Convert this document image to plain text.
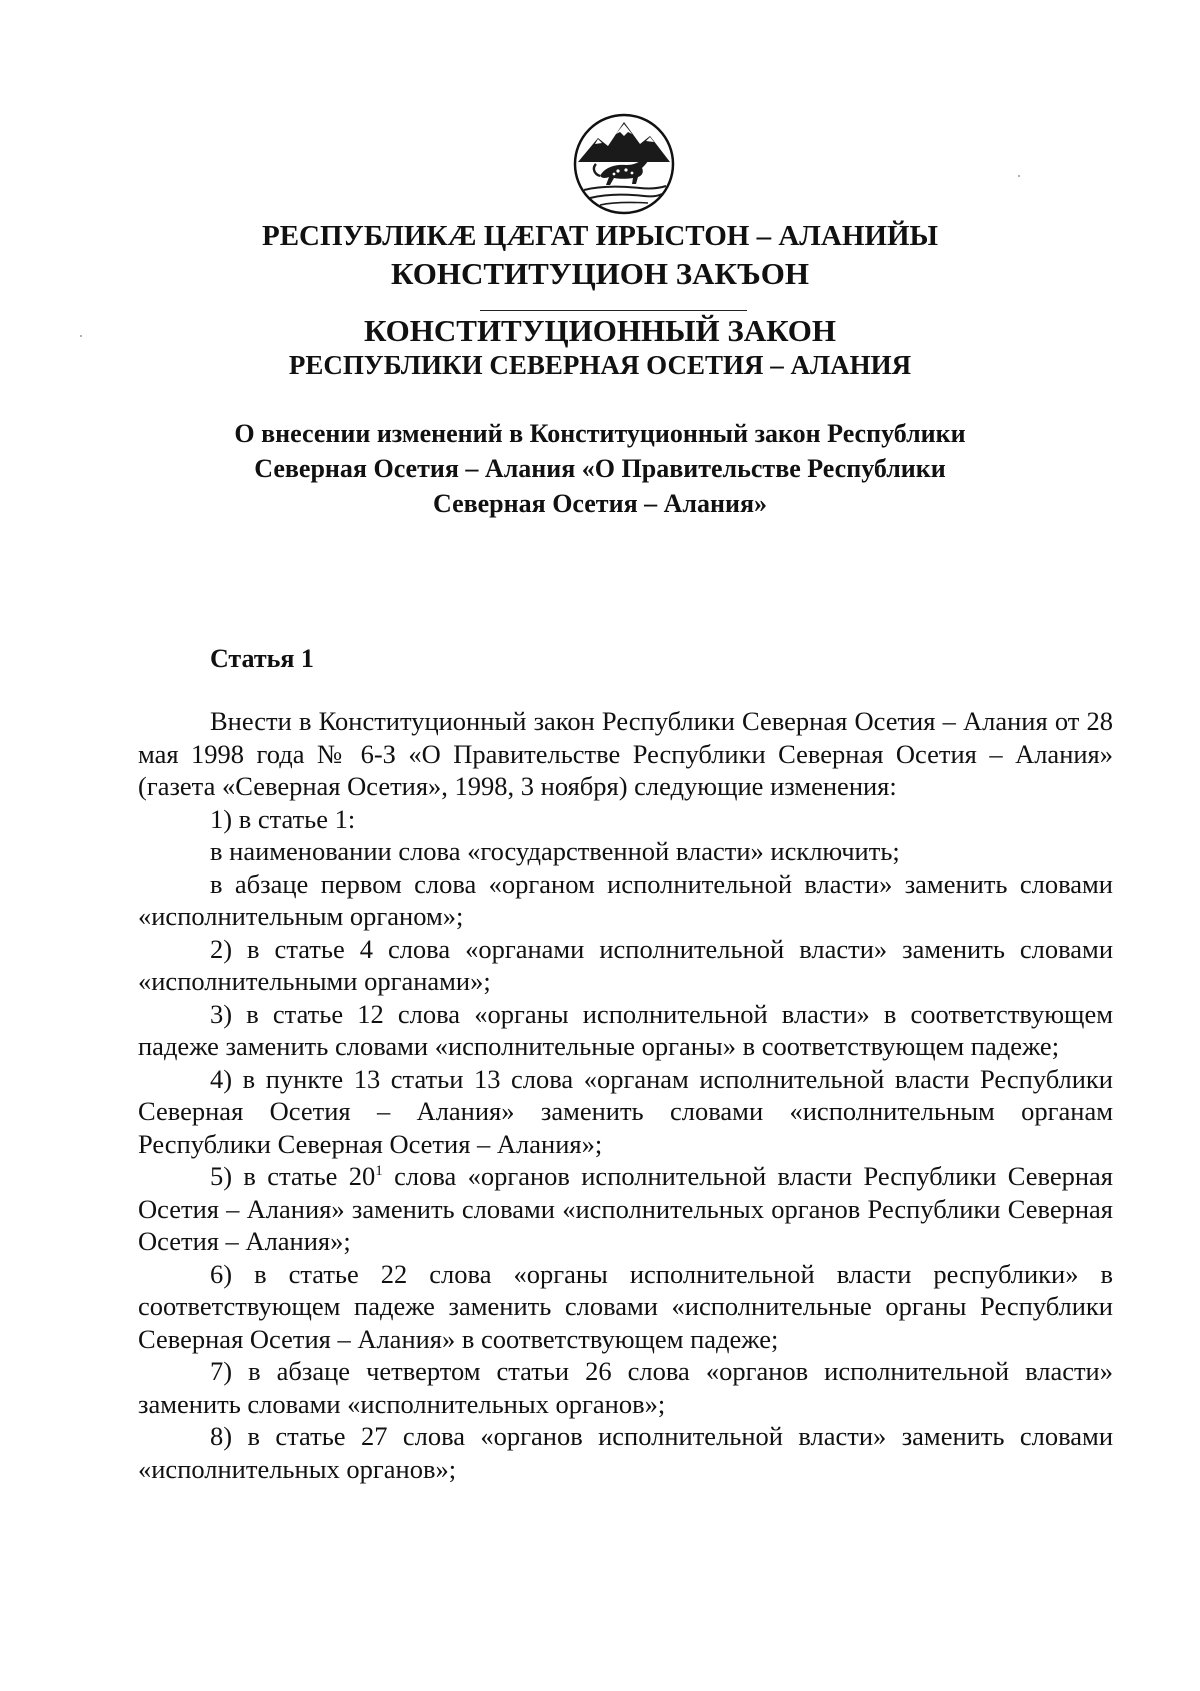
РЕСПУБЛИКÆ ЦÆГАТ ИРЫСТОН – АЛАНИЙЫ
КОНСТИТУЦИОН ЗАКЪОН
КОНСТИТУЦИОННЫЙ ЗАКОН
РЕСПУБЛИКИ СЕВЕРНАЯ ОСЕТИЯ – АЛАНИЯ
О внесении изменений в Конституционный закон Республики
Северная Осетия – Алания «О Правительстве Республики
Северная Осетия – Алания»
Статья 1

Внести в Конституционный закон Республики Северная Осетия – Алания от 28 мая 1998 года № 6-З «О Правительстве Республики Северная Осетия – Алания» (газета «Северная Осетия», 1998, 3 ноября) следующие изменения:

1) в статье 1:

в наименовании слова «государственной власти» исключить;

в абзаце первом слова «органом исполнительной власти» заменить словами «исполнительным органом»;

2) в статье 4 слова «органами исполнительной власти» заменить словами «исполнительными органами»;

3) в статье 12 слова «органы исполнительной власти» в соответствующем падеже заменить словами «исполнительные органы» в соответствующем падеже;

4) в пункте 13 статьи 13 слова «органам исполнительной власти Республики Северная Осетия – Алания» заменить словами «исполнительным органам Республики Северная Осетия – Алания»;

5) в статье $20^1$ слова «органов исполнительной власти Республики Северная Осетия – Алания» заменить словами «исполнительных органов Республики Северная Осетия – Алания»;

6) в статье 22 слова «органы исполнительной власти республики» в соответствующем падеже заменить словами «исполнительные органы Республики Северная Осетия – Алания» в соответствующем падеже;

7) в абзаце четвертом статьи 26 слова «органов исполнительной власти» заменить словами «исполнительных органов»;

8) в статье 27 слова «органов исполнительной власти» заменить словами «исполнительных органов»;
